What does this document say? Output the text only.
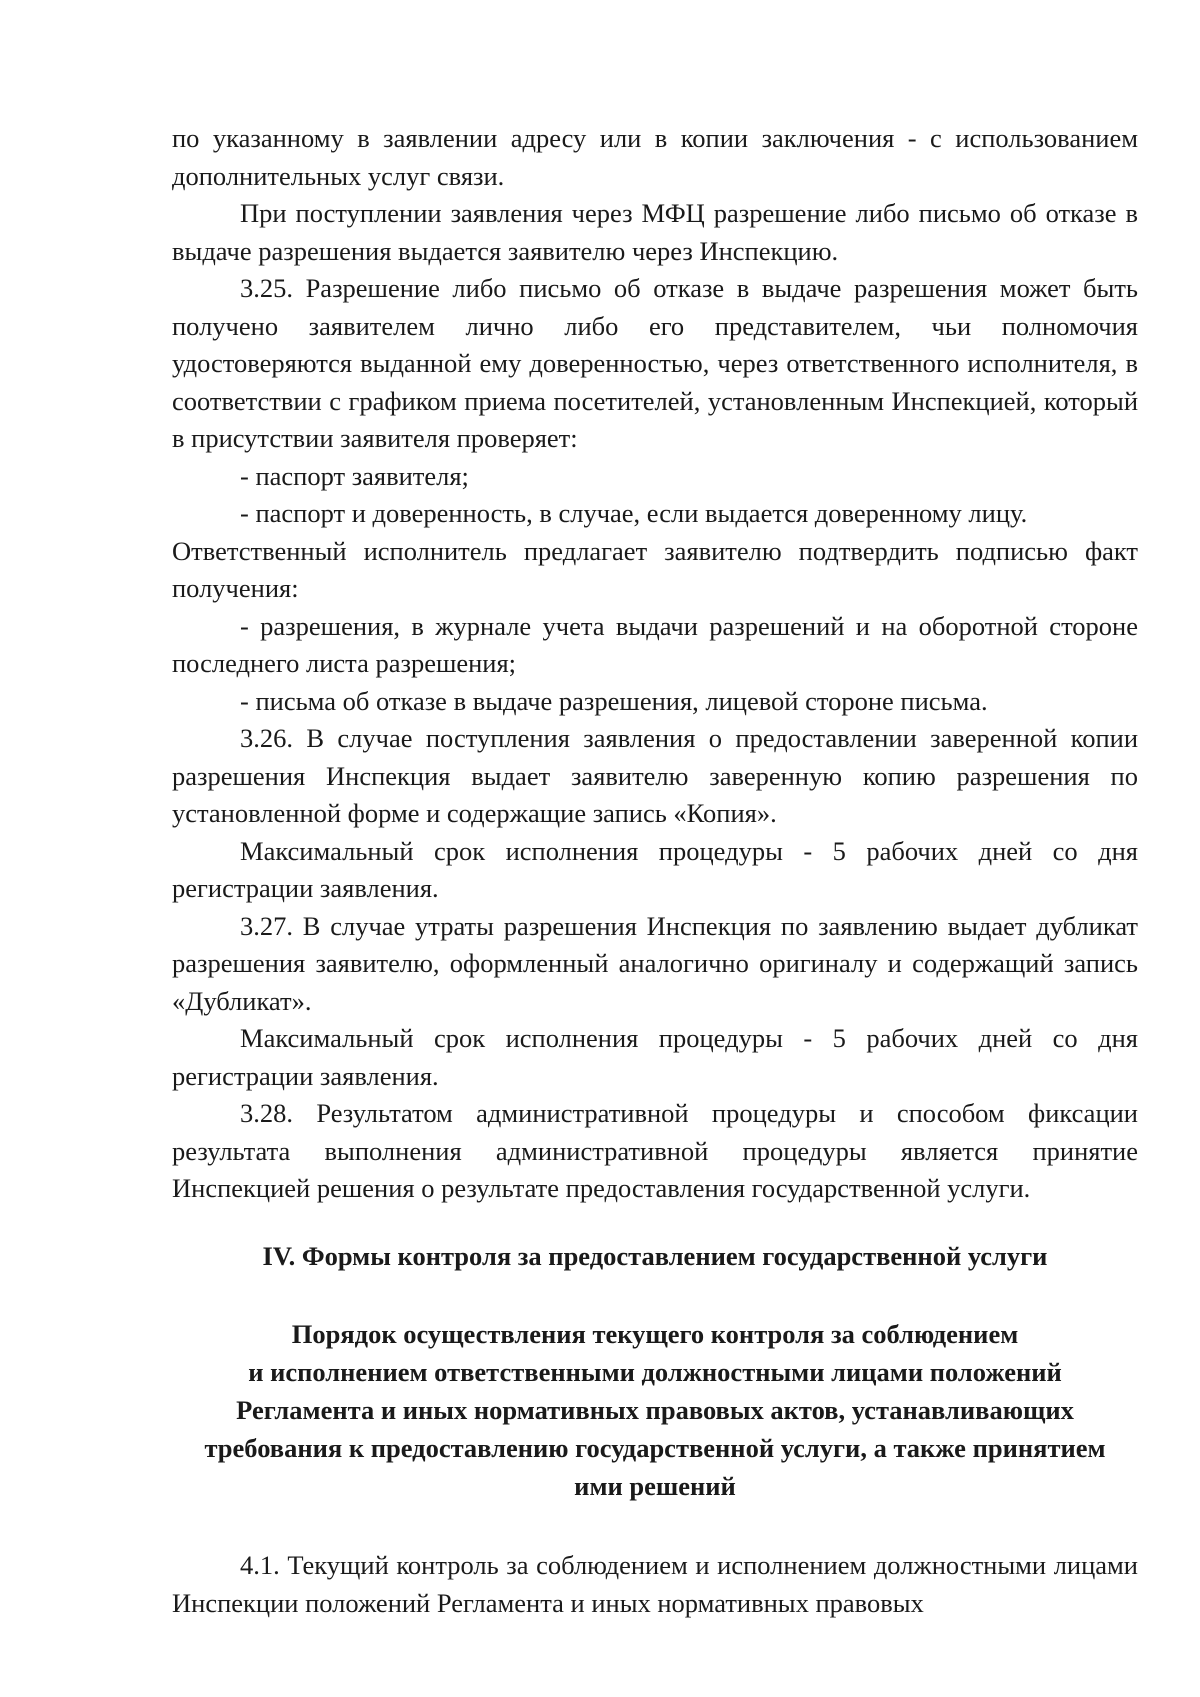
по указанному в заявлении адресу или в копии заключения - с использованием дополнительных услуг связи.

При поступлении заявления через МФЦ разрешение либо письмо об отказе в выдаче разрешения выдается заявителю через Инспекцию.

3.25. Разрешение либо письмо об отказе в выдаче разрешения может быть получено заявителем лично либо его представителем, чьи полномочия удостоверяются выданной ему доверенностью, через ответственного исполнителя, в соответствии с графиком приема посетителей, установленным Инспекцией, который в присутствии заявителя проверяет:

- паспорт заявителя;

- паспорт и доверенность, в случае, если выдается доверенному лицу.

Ответственный исполнитель предлагает заявителю подтвердить подписью факт получения:

- разрешения, в журнале учета выдачи разрешений и на оборотной стороне последнего листа разрешения;

- письма об отказе в выдаче разрешения, лицевой стороне письма.

3.26. В случае поступления заявления о предоставлении заверенной копии разрешения Инспекция выдает заявителю заверенную копию разрешения по установленной форме и содержащие запись «Копия».

Максимальный срок исполнения процедуры - 5 рабочих дней со дня регистрации заявления.

3.27. В случае утраты разрешения Инспекция по заявлению выдает дубликат разрешения заявителю, оформленный аналогично оригиналу и содержащий запись «Дубликат».

Максимальный срок исполнения процедуры - 5 рабочих дней со дня регистрации заявления.

3.28. Результатом административной процедуры и способом фиксации результата выполнения административной процедуры является принятие Инспекцией решения о результате предоставления государственной услуги.

IV. Формы контроля за предоставлением государственной услуги
Порядок осуществления текущего контроля за соблюдением
и исполнением ответственными должностными лицами положений
Регламента и иных нормативных правовых актов, устанавливающих
требования к предоставлению государственной услуги, а также принятием
ими решений

4.1. Текущий контроль за соблюдением и исполнением должностными лицами Инспекции положений Регламента и иных нормативных правовых
